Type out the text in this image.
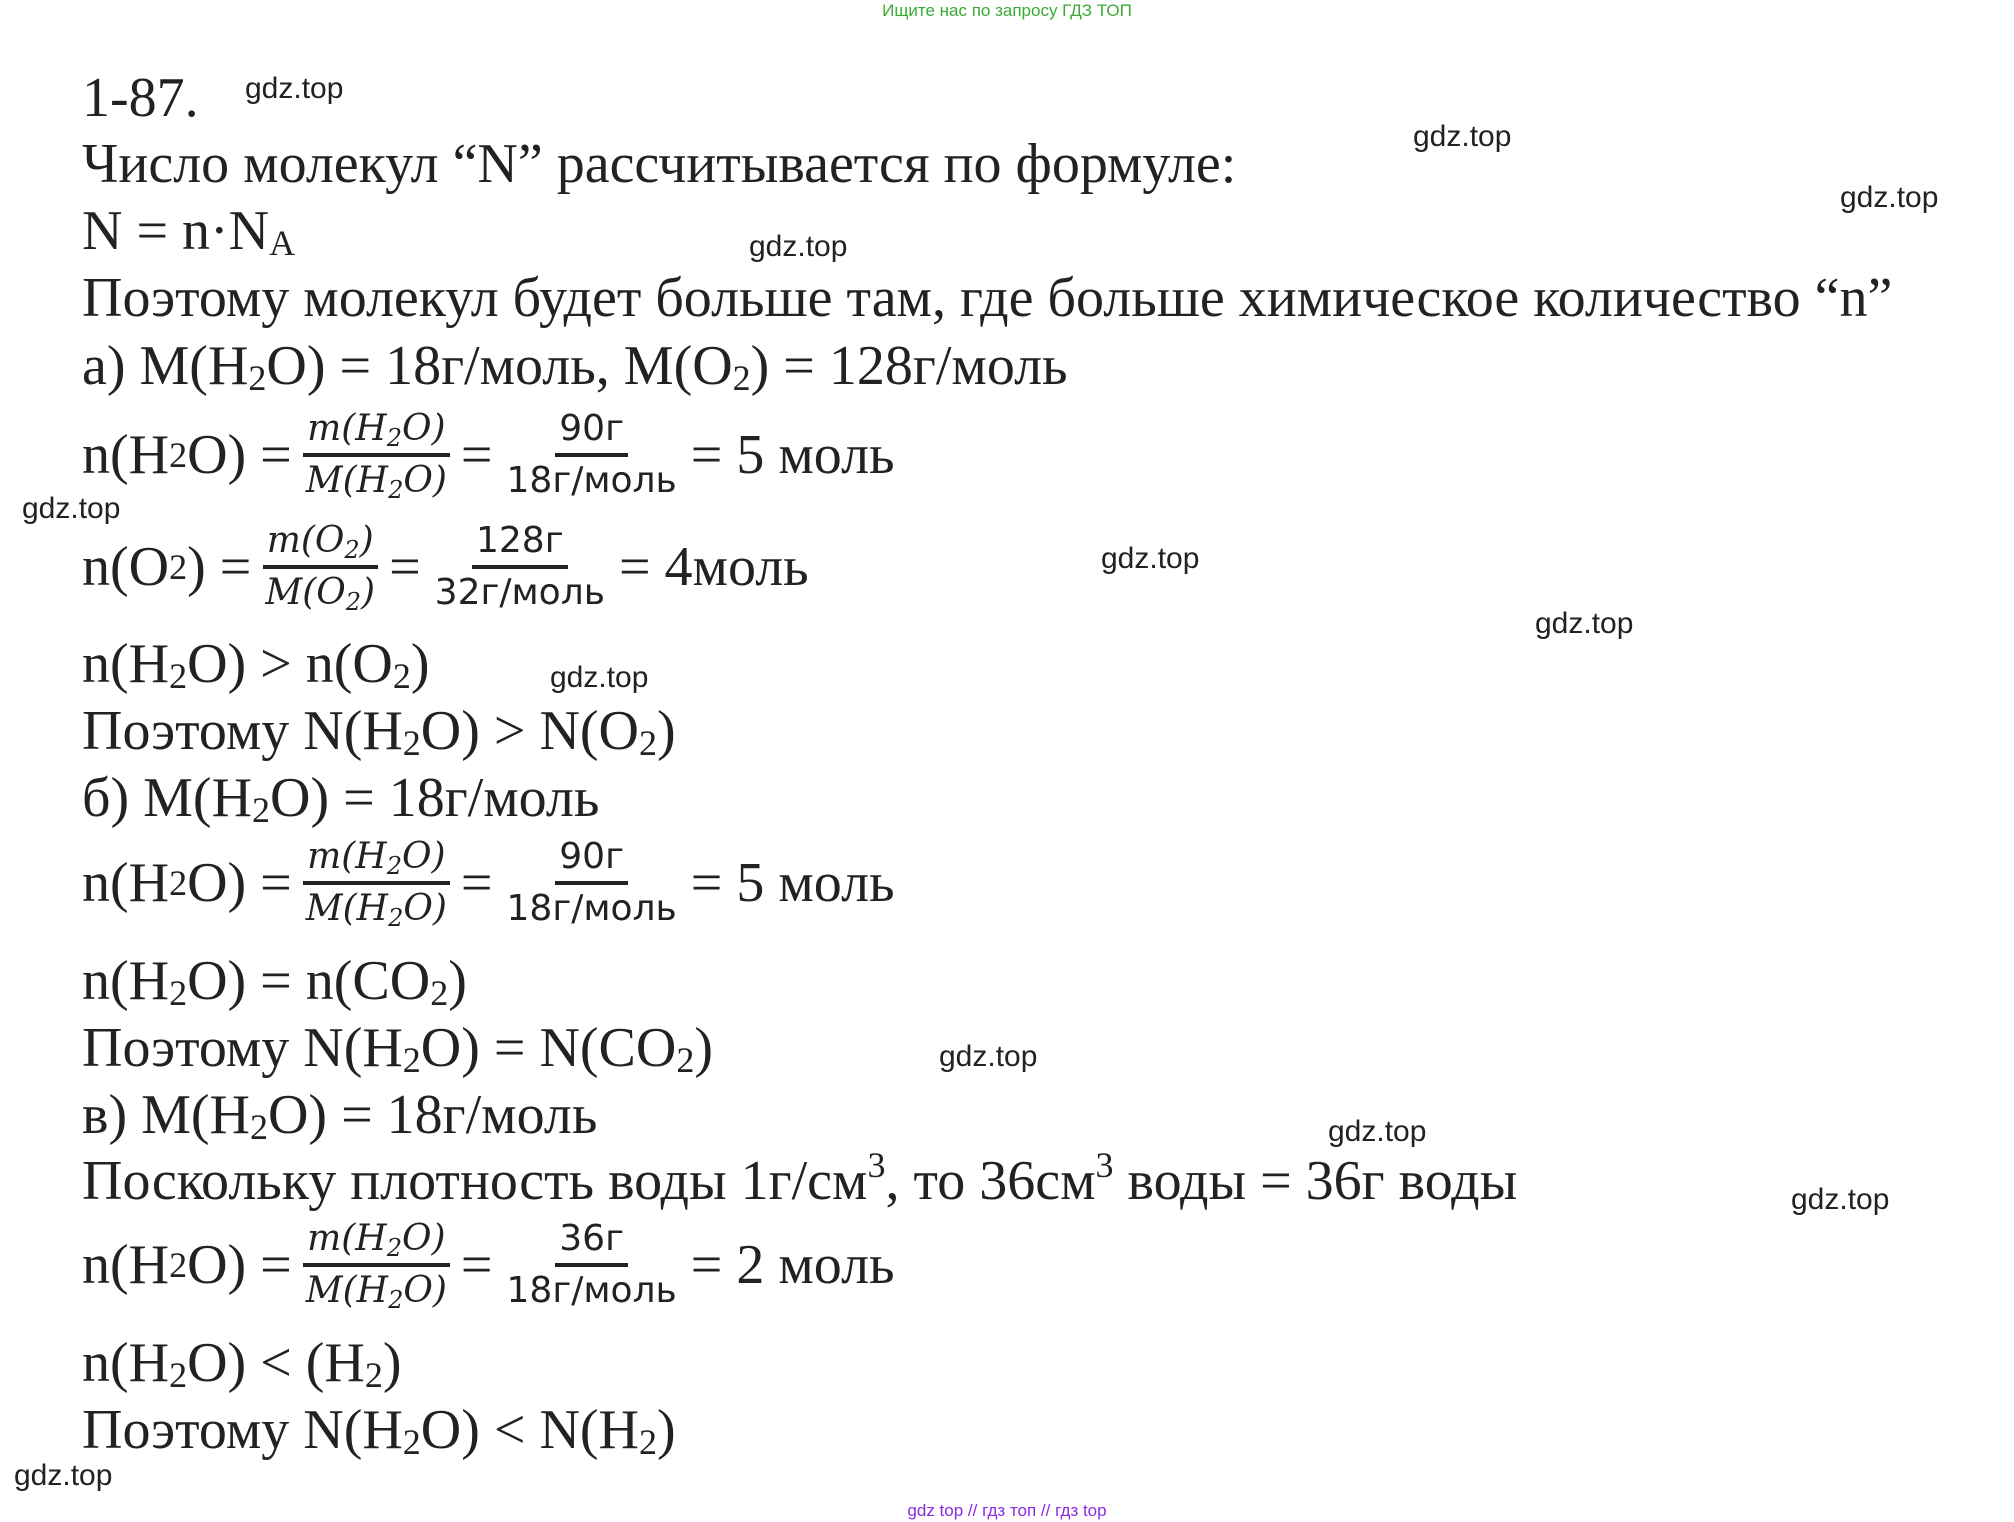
Ищите нас по запросу ГДЗ ТОП
1-87.
Число молекул “N” рассчитывается по формуле:
$N = n\cdot N_A$
Поэтому молекул будет больше там, где больше химическое количество “n”
а) $M(H_2O)$ = 18г/моль, $M(O_2)$ = 128г/моль
n(H 2 $O) = \frac{m(H_2O)}{M(H_2O)} = \frac{90г}{\text{18г/моль}} = 5$ моль
n(O 2 ) = $\frac{m(O_2)}{M(O_2)} = \frac{128г}{\text{32г/моль}}$ = 4моль
$n(H_2O) > n(O_2)$
Поэтому $N(H_2O) > N(O_2)$
б) $M(H_2O)$ = 18г/моль
n(H 2 $O) = \frac{m(H_2O)}{M(H_2O)} = \frac{90г}{\text{18г/моль}} = 5$ моль
$n(H_2O) = n(CO_2)$
Поэтому $N(H_2O) = N(CO_2)$
в) $M(H_2O)$ = 18г/моль
Поскольку плотность воды $1г/см^3$, то $36см^3$ воды = 36г воды
n(H 2 $O) = \frac{m(H_2O)}{M(H_2O)} = \frac{36г}{\text{18г/моль}} = 2$ моль
$n(H_2O) < (H_2)$
Поэтому $N(H_2O) < N(H_2)$
gdz.top
gdz.top
gdz.top
gdz.top
gdz.top
gdz.top
gdz.top
gdz.top
gdz.top
gdz.top
gdz.top
gdz.top
gdz top // гдз топ // гдз top
